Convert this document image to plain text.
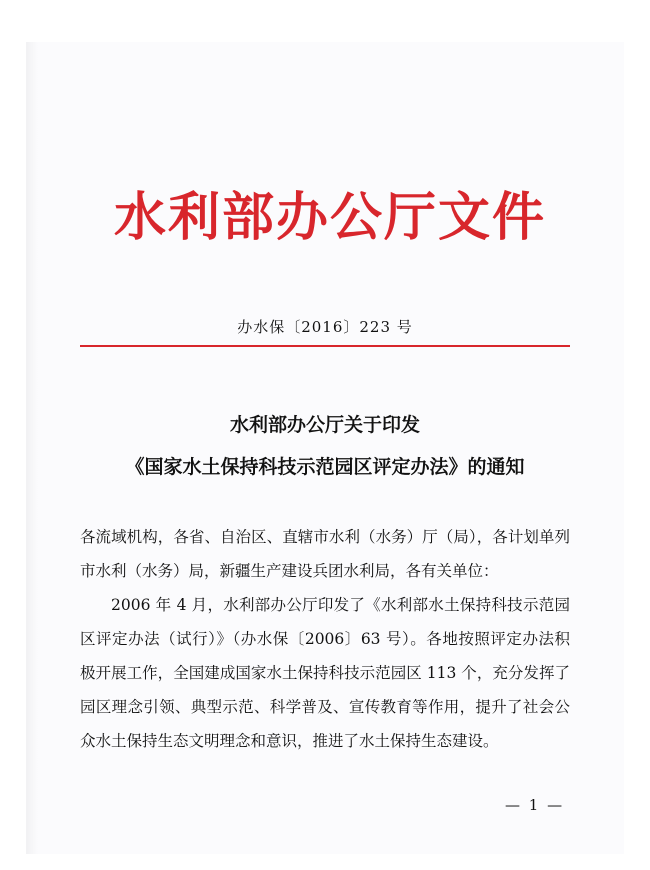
水利部办公厅文件
办水保〔2016〕223 号
水利部办公厅关于印发
《国家水土保持科技示范园区评定办法》的通知

各流域机构，各省、自治区、直辖市水利（水务）厅（局），各计划单列市水利（水务）局，新疆生产建设兵团水利局，各有关单位：

2006 年 4 月，水利部办公厅印发了《水利部水土保持科技示范园区评定办法（试行）》（办水保〔2006〕63 号）。各地按照评定办法积极开展工作，全国建成国家水土保持科技示范园区 113 个，充分发挥了园区理念引领、典型示范、科学普及、宣传教育等作用，提升了社会公众水土保持生态文明理念和意识，推进了水土保持生态建设。

— 1 —
